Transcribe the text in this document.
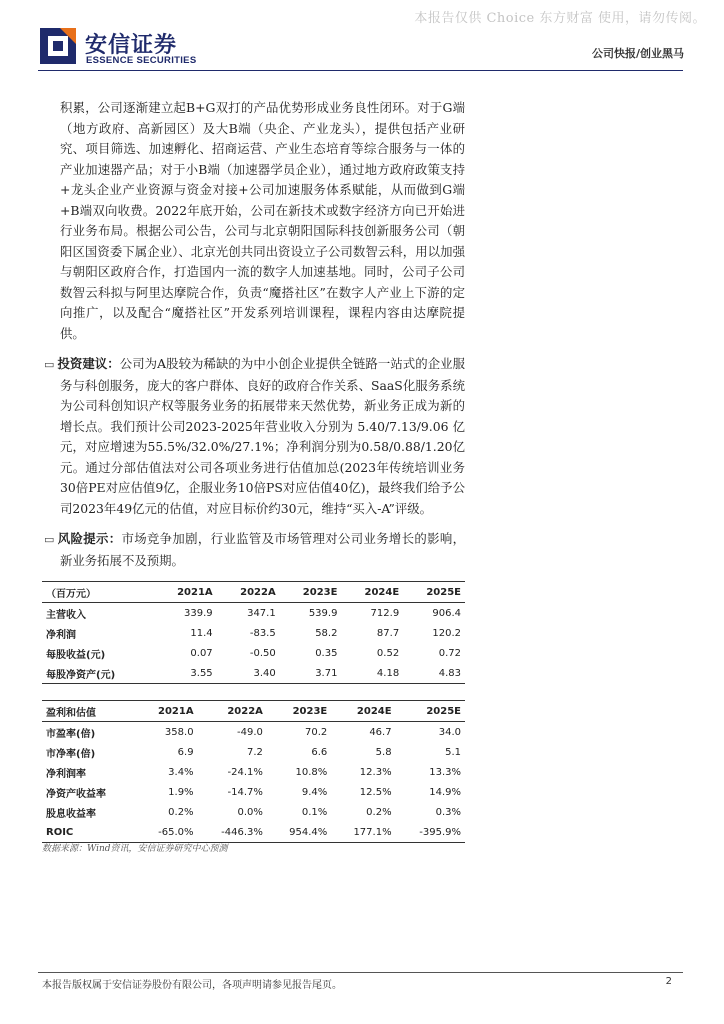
本报告仅供 Choice 东方财富 使用，请勿传阅。
安信证券
ESSENCE SECURITIES
公司快报/创业黑马

积累，公司逐渐建立起B+G双打的产品优势形成业务良性闭环。对于G端（地方政府、高新园区）及大B端（央企、产业龙头），提供包括产业研究、项目筛选、加速孵化、招商运营、产业生态培育等综合服务与一体的产业加速器产品；对于小B端（加速器学员企业），通过地方政府政策支持+龙头企业产业资源与资金对接+公司加速服务体系赋能，从而做到G端+B端双向收费。2022年底开始，公司在新技术或数字经济方向已开始进行业务布局。根据公司公告，公司与北京朝阳国际科技创新服务公司（朝阳区国资委下属企业）、北京光创共同出资设立子公司数智云科，用以加强与朝阳区政府合作，打造国内一流的数字人加速基地。同时，公司子公司数智云科拟与阿里达摩院合作，负责“魔搭社区”在数字人产业上下游的定向推广，以及配合“魔搭社区”开发系列培训课程，课程内容由达摩院提供。

▭ 投资建议：公司为A股较为稀缺的为中小创企业提供全链路一站式的企业服务与科创服务，庞大的客户群体、良好的政府合作关系、SaaS化服务系统为公司科创知识产权等服务业务的拓展带来天然优势，新业务正成为新的增长点。我们预计公司2023-2025年营业收入分别为 5.40/7.13/9.06 亿元，对应增速为55.5%/32.0%/27.1%；净利润分别为0.58/0.88/1.20亿元。通过分部估值法对公司各项业务进行估值加总(2023年传统培训业务30倍PE对应估值9亿，企服业务10倍PS对应估值40亿)，最终我们给予公司2023年49亿元的估值，对应目标价约30元，维持“买入-A”评级。

▭ 风险提示：市场竞争加剧，行业监管及市场管理对公司业务增长的影响，新业务拓展不及预期。

（百万元）	2021A	2022A	2023E	2024E	2025E
主营收入	339.9	347.1	539.9	712.9	906.4
净利润	11.4	-83.5	58.2	87.7	120.2
每股收益(元)	0.07	-0.50	0.35	0.52	0.72
每股净资产(元)	3.55	3.40	3.71	4.18	4.83
盈利和估值	2021A	2022A	2023E	2024E	2025E
市盈率(倍)	358.0	-49.0	70.2	46.7	34.0
市净率(倍)	6.9	7.2	6.6	5.8	5.1
净利润率	3.4%	-24.1%	10.8%	12.3%	13.3%
净资产收益率	1.9%	-14.7%	9.4%	12.5%	14.9%
股息收益率	0.2%	0.0%	0.1%	0.2%	0.3%
ROIC	-65.0%	-446.3%	954.4%	177.1%	-395.9%
数据来源：Wind资讯，安信证券研究中心预测
本报告版权属于安信证券股份有限公司，各项声明请参见报告尾页。	2
